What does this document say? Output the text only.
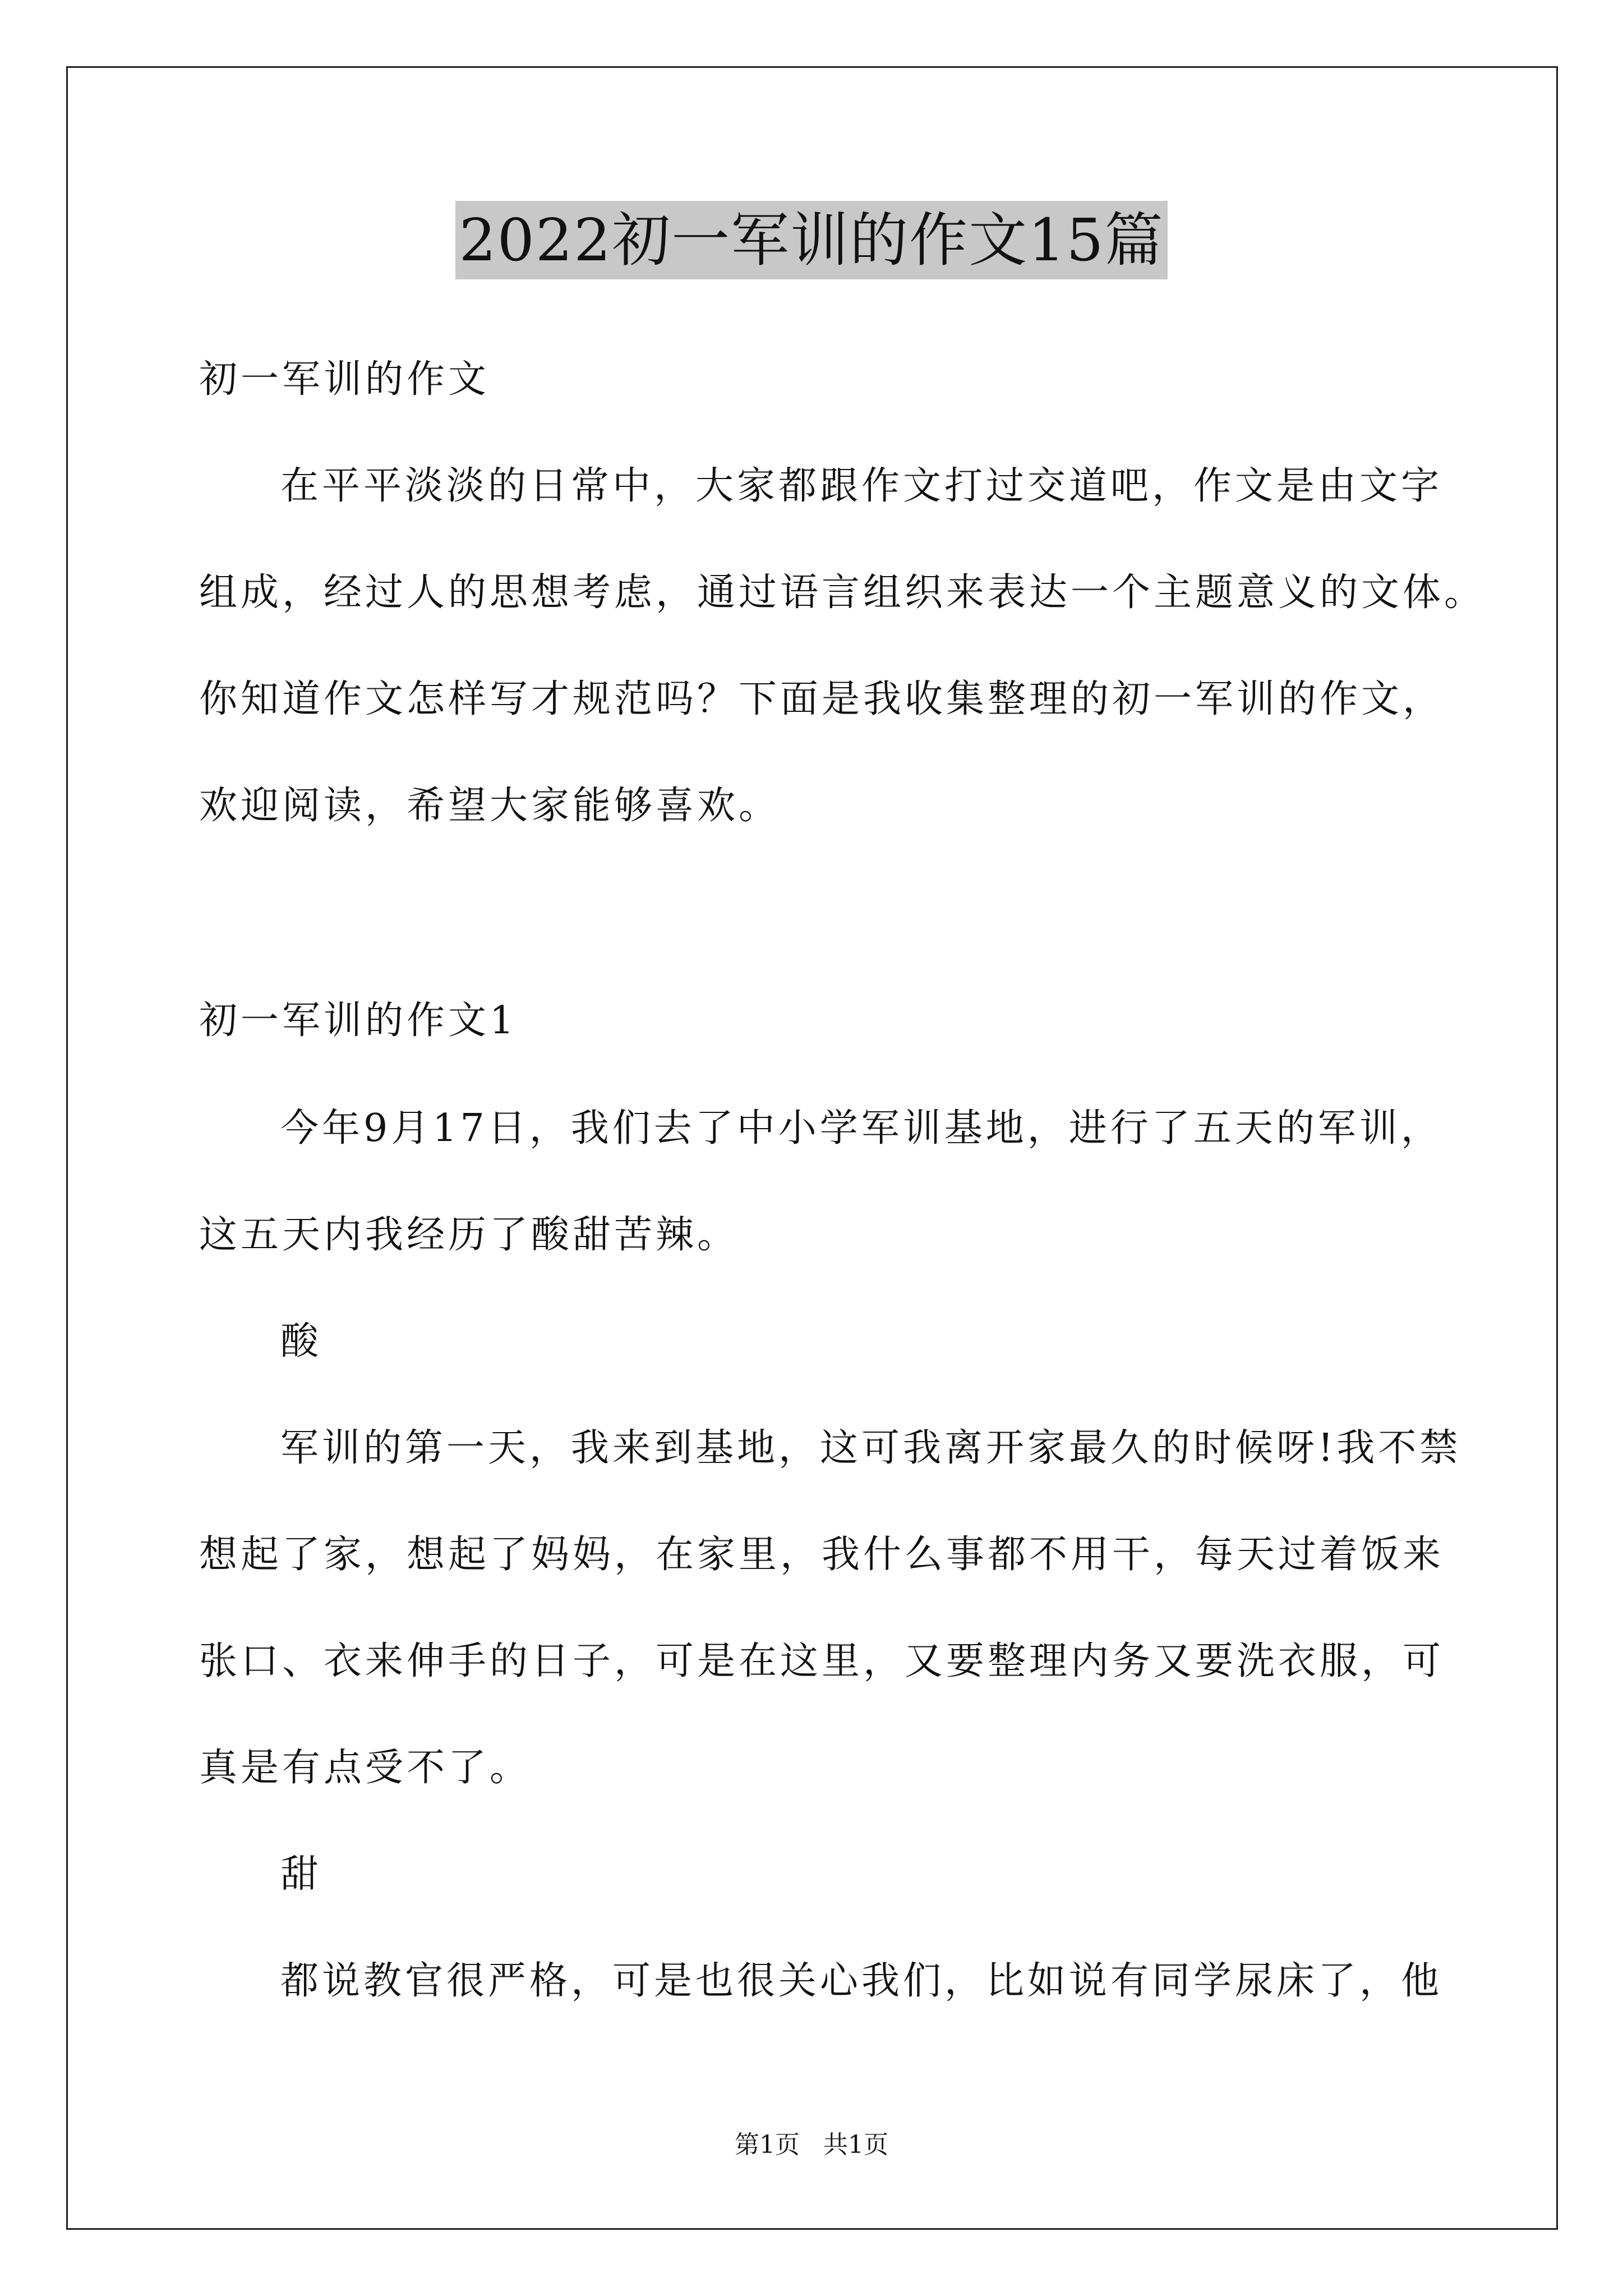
2022初一军训的作文15篇
初一军训的作文
在平平淡淡的日常中，大家都跟作文打过交道吧，作文是由文字
组成，经过人的思想考虑，通过语言组织来表达一个主题意义的文体。
你知道作文怎样写才规范吗？下面是我收集整理的初一军训的作文，
欢迎阅读，希望大家能够喜欢。
初一军训的作文1
今年9月17日，我们去了中小学军训基地，进行了五天的军训，
这五天内我经历了酸甜苦辣。
酸
军训的第一天，我来到基地，这可我离开家最久的时候呀!我不禁
想起了家，想起了妈妈，在家里，我什么事都不用干，每天过着饭来
张口、衣来伸手的日子，可是在这里，又要整理内务又要洗衣服，可
真是有点受不了。
甜
都说教官很严格，可是也很关心我们，比如说有同学尿床了，他
第1页   共1页
